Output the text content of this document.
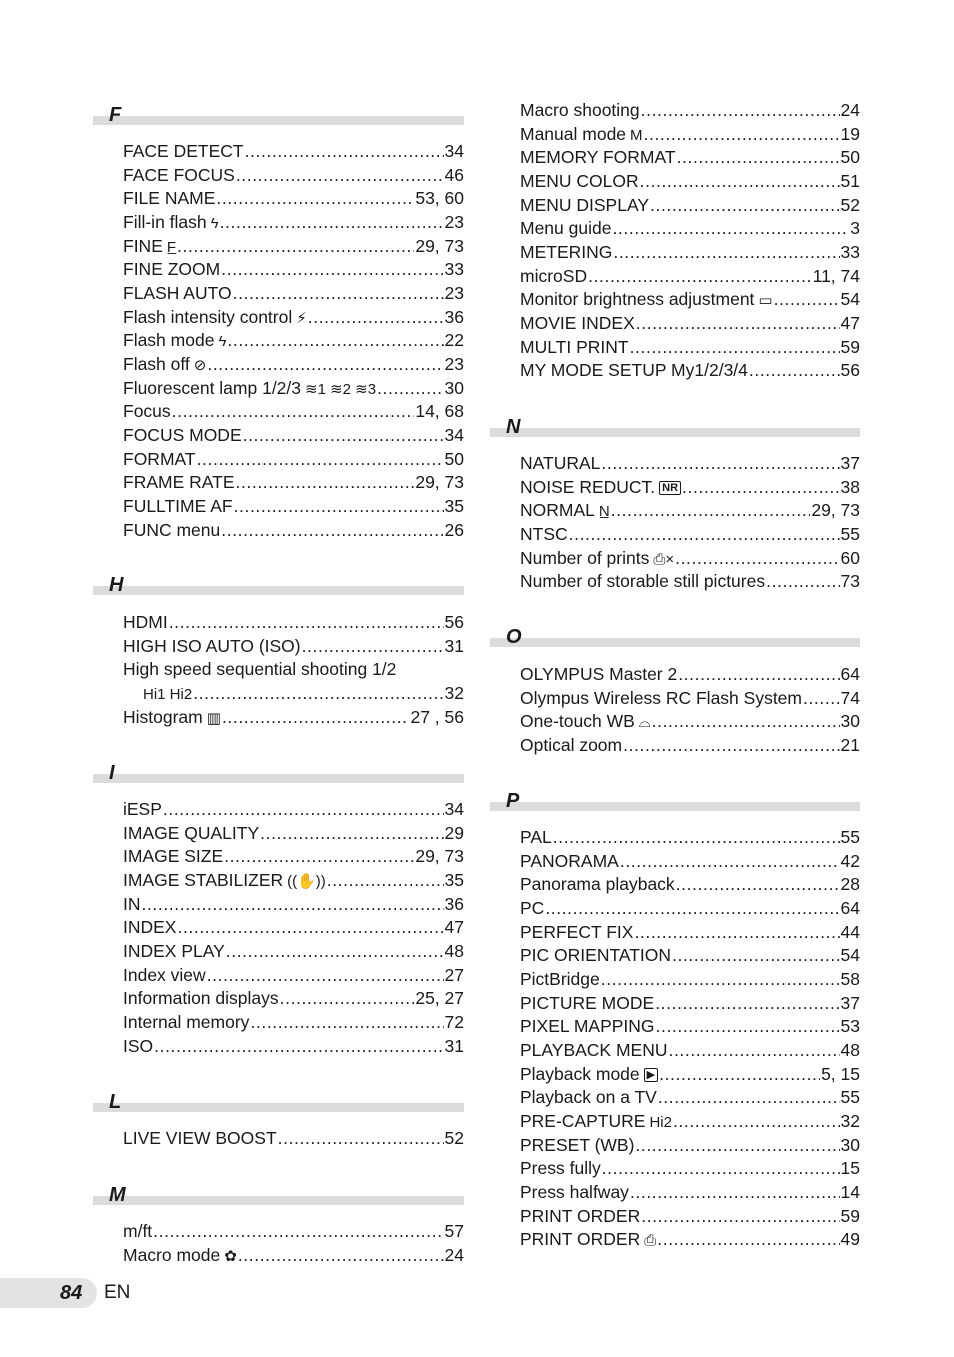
F
FACE DETECT .....	34
FACE FOCUS .....	46
FILE NAME .....	53, 60
Fill-in flash ϟ .....	23
FINE F̲ .....	29, 73
FINE ZOOM .....	33
FLASH AUTO .....	23
Flash intensity control ⚡ .....	36
Flash mode ϟ .....	22
Flash off ⊘ .....	23
Fluorescent lamp 1/2/3 ≋1 ≋2 ≋3 .....	30
Focus .....	14, 68
FOCUS MODE .....	34
FORMAT .....	50
FRAME RATE .....	29, 73
FULLTIME AF .....	35
FUNC menu .....	26
H
HDMI .....	56
HIGH ISO AUTO (ISO) .....	31
High speed sequential shooting 1/2
Hi1 Hi2 .....	32
Histogram ▥ .....	27 , 56
I
iESP .....	34
IMAGE QUALITY .....	29
IMAGE SIZE .....	29, 73
IMAGE STABILIZER ((✋)) .....	35
IN .....	36
INDEX .....	47
INDEX PLAY .....	48
Index view .....	27
Information displays .....	25, 27
Internal memory .....	72
ISO .....	31
L
LIVE VIEW BOOST .....	52
M
m/ft .....	57
Macro mode ✿ .....	24
Macro shooting .....	24
Manual mode M .....	19
MEMORY FORMAT .....	50
MENU COLOR .....	51
MENU DISPLAY .....	52
Menu guide .....	3
METERING .....	33
microSD .....	11, 74
Monitor brightness adjustment ▭ .....	54
MOVIE INDEX .....	47
MULTI PRINT .....	59
MY MODE SETUP My1/2/3/4 .....	56
N
NATURAL .....	37
NOISE REDUCT. NR .....	38
NORMAL N̲ .....	29, 73
NTSC .....	55
Number of prints ⎙× .....	60
Number of storable still pictures .....	73
O
OLYMPUS Master 2 .....	64
Olympus Wireless RC Flash System ..... 74
One-touch WB ⌓ .....	30
Optical zoom .....	21
P
PAL .....	55
PANORAMA .....	42
Panorama playback .....	28
PC .....	64
PERFECT FIX .....	44
PIC ORIENTATION .....	54
PictBridge .....	58
PICTURE MODE .....	37
PIXEL MAPPING .....	53
PLAYBACK MENU .....	48
Playback mode ▶ .....	5, 15
Playback on a TV .....	55
PRE-CAPTURE Hi2 .....	32
PRESET (WB) .....	30
Press fully .....	15
Press halfway .....	14
PRINT ORDER .....	59
PRINT ORDER ⎙ .....	49
84 EN
